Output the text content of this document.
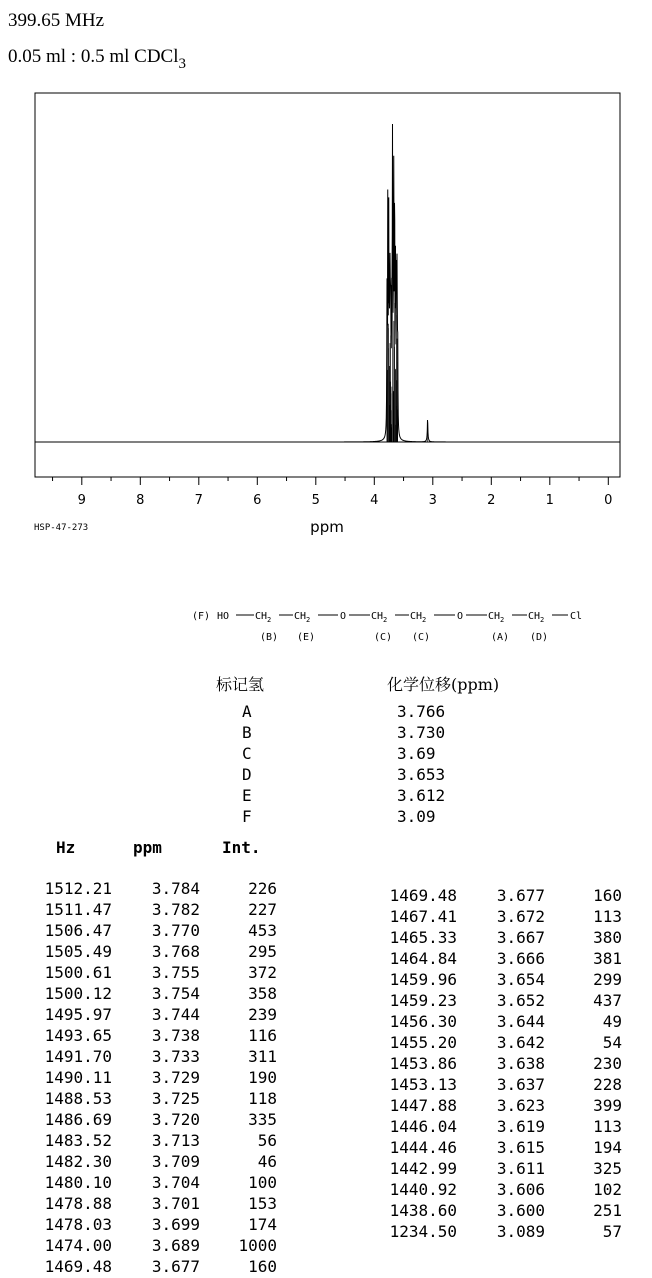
399.65 MHz
0.05 ml : 0.5 ml CDCl$_3$
9	8	7	6	5	4	3	2	1	0
ppm
HSP-47-273
(F) HO	$CH_2$ $CH_2$	O $CH_2$ $CH_2$	O $CH_2$ $CH_2$	Cl
(B) (E)	(C) (C)	(A) (D)
标记氢	化学位移(ppm)
A	3.766
B	3.730
C	3.69
D	3.653
E	3.612
F	3.09
Hz	ppm	Int.
1512.21	3.784	226
1511.47	3.782	227
1506.47	3.770	453
1505.49	3.768	295
1500.61	3.755	372
1500.12	3.754	358
1495.97	3.744	239
1493.65	3.738	116
1491.70	3.733	311
1490.11	3.729	190
1488.53	3.725	118
1486.69	3.720	335
1483.52	3.713	56
1482.30	3.709	46
1480.10	3.704	100
1478.88	3.701	153
1478.03	3.699	174
1474.00	3.689	1000
1469.48	3.677	160
1469.48	3.677	160
1467.41	3.672	113
1465.33	3.667	380
1464.84	3.666	381
1459.96	3.654	299
1459.23	3.652	437
1456.30	3.644	49
1455.20	3.642	54
1453.86	3.638	230
1453.13	3.637	228
1447.88	3.623	399
1446.04	3.619	113
1444.46	3.615	194
1442.99	3.611	325
1440.92	3.606	102
1438.60	3.600	251
1234.50	3.089	57
